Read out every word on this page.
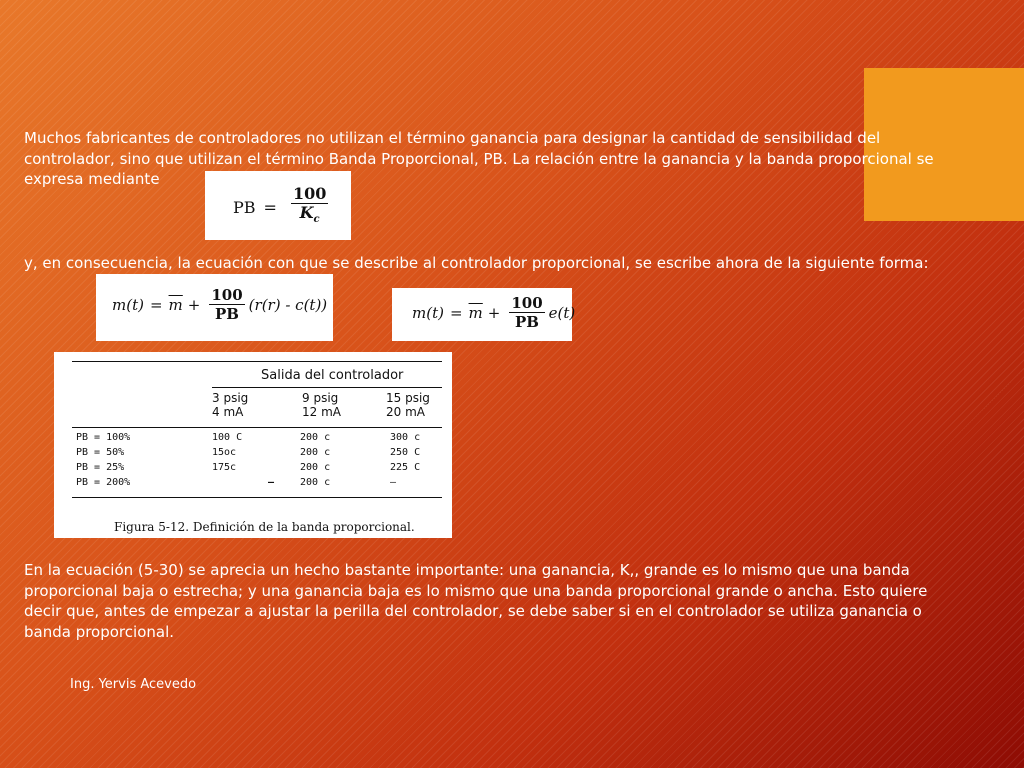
Muchos fabricantes de controladores no utilizan el término ganancia para designar la cantidad de sensibilidad del controlador, sino que utilizan el término Banda Proporcional, PB. La relación entre la ganancia y la banda proporcional se expresa mediante

PB = $\frac{100}{K_c}$

y, en consecuencia, la ecuación con que se describe al controlador proporcional, se escribe ahora de la siguiente forma:

$m(t) = \overline{m} + \frac{100}{PB} (r(r) - c(t))$	$m(t) = \overline{m} + \frac{100}{PB} e(t)$
Salida del controlador
3 psig
4 mA
9 psig
12 mA
15 psig
20 mA
PB = 100%	100 C	200 c	300 c
PB = 50%	15oc	200 c	250 C
PB = 25%	175c	200 c	225 C
PB = 200%	–	200 c	–
Figura 5-12. Definición de la banda proporcional.

En la ecuación (5-30) se aprecia un hecho bastante importante: una ganancia, K,, grande es lo mismo que una banda proporcional baja o estrecha; y una ganancia baja es lo mismo que una banda proporcional grande o ancha. Esto quiere decir que, antes de empezar a ajustar la perilla del controlador, se debe saber si en el controlador se utiliza ganancia o banda proporcional.

Ing. Yervis Acevedo
